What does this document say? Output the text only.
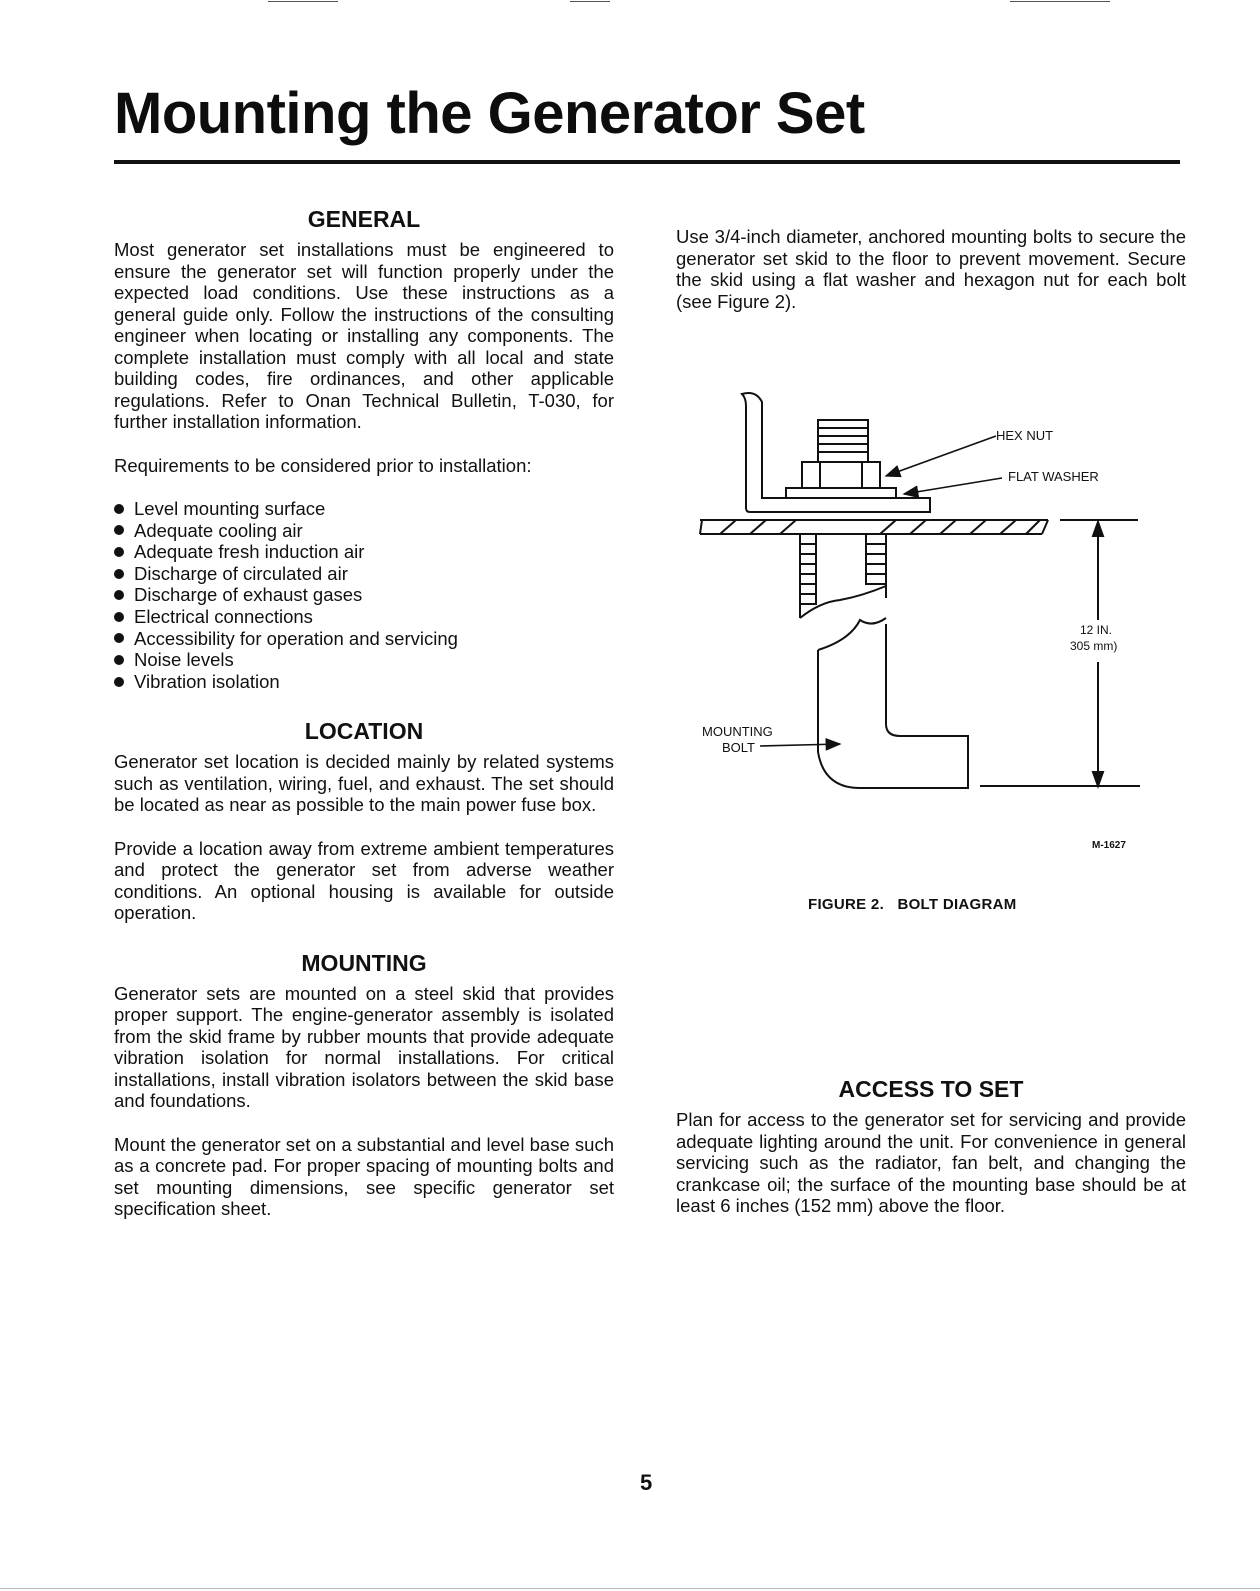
Mounting the Generator Set
GENERAL

Most generator set installations must be engineered to ensure the generator set will function properly under the expected load conditions. Use these instructions as a general guide only. Follow the instructions of the consulting engineer when locating or installing any components. The complete installation must comply with all local and state building codes, fire ordinances, and other applicable regulations. Refer to Onan Technical Bulletin, T-030, for further installation information.

Requirements to be considered prior to installation:

Level mounting surface
Adequate cooling air
Adequate fresh induction air
Discharge of circulated air
Discharge of exhaust gases
Electrical connections
Accessibility for operation and servicing
Noise levels
Vibration isolation
LOCATION

Generator set location is decided mainly by related systems such as ventilation, wiring, fuel, and exhaust. The set should be located as near as possible to the main power fuse box.

Provide a location away from extreme ambient temperatures and protect the generator set from adverse weather conditions. An optional housing is available for outside operation.

MOUNTING

Generator sets are mounted on a steel skid that provides proper support. The engine-generator assembly is isolated from the skid frame by rubber mounts that provide adequate vibration isolation for normal installations. For critical installations, install vibration isolators between the skid base and foundations.

Mount the generator set on a substantial and level base such as a concrete pad. For proper spacing of mounting bolts and set mounting dimensions, see specific generator set specification sheet.

Use 3/4-inch diameter, anchored mounting bolts to secure the generator set skid to the floor to prevent movement. Secure the skid using a flat washer and hexagon nut for each bolt (see Figure 2).

HEX NUT
FLAT WASHER
MOUNTING
BOLT
12 IN.
305 mm)
M-1627
FIGURE 2.   BOLT DIAGRAM
ACCESS TO SET

Plan for access to the generator set for servicing and provide adequate lighting around the unit. For convenience in general servicing such as the radiator, fan belt, and changing the crankcase oil; the surface of the mounting base should be at least 6 inches (152 mm) above the floor.

5
